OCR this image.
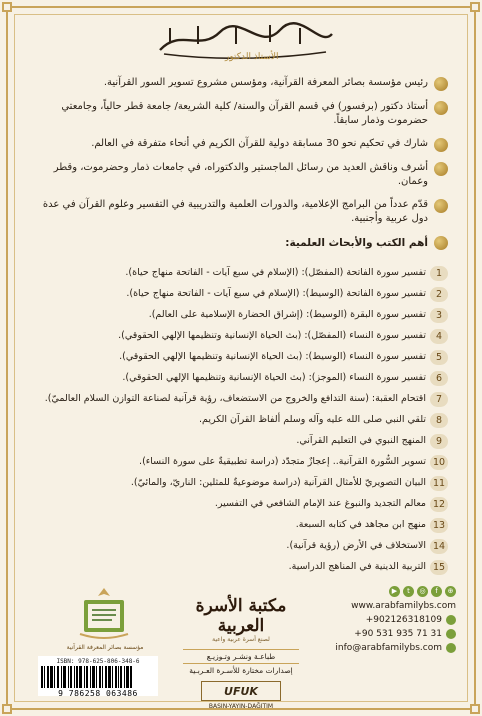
الأستاذ الدكتور
رئيس مؤسسة بصائر المعرفة القرآنية، ومؤسس مشروع تسوير السور القرآنية.
أستاذ دكتور (برفسور) في قسم القرآن والسنة/ كلية الشريعة/ جامعة قطر حالياً، وجامعتي حضرموت وذمار سابقاً.
شارك في تحكيم نحو 30 مسابقة دولية للقرآن الكريم في أنحاء متفرقة في العالم.
أشرف وناقش العديد من رسائل الماجستير والدكتوراه، في جامعات ذمار وحضرموت، وقطر وعمان.
قدّم عدداً من البرامج الإعلامية، والدورات العلمية والتدريبية في التفسير وعلوم القرآن في عدة دول عربية وأجنبية.
أهم الكتب والأبحاث العلمية:
1
تفسير سورة الفاتحة (المفصّل): (الإسلام في سبع آيات - الفاتحة منهاج حياة).
2
تفسير سورة الفاتحة (الوسيط): (الإسلام في سبع آيات - الفاتحة منهاج حياة).
3
تفسير سورة البقرة (الوسيط): (إشراق الحضارة الإسلامية على العالم).
4
تفسير سورة النساء (المفصّل): (بث الحياة الإنسانية وتنظيمها الإلهي الحقوقي).
5
تفسير سورة النساء (الوسيط): (بث الحياة الإنسانية وتنظيمها الإلهي الحقوقي).
6
تفسير سورة النساء (الموجز): (بث الحياة الإنسانية وتنظيمها الإلهي الحقوقي).
7
اقتحام العقبة: (سنة التدافع والخروج من الاستضعاف، رؤية قرآنية لصناعة التوازن السلام العالميّ).
8
تلقي النبي صلى الله عليه وآله وسلم ألفاظ القرآن الكريم.
9
المنهج النبوي في التعليم القرآني.
10
تسوير السُّورة القرآنية.. إعجازٌ متجدّد (دراسة تطبيقيةٌ على سورة النساء).
11
البيان التصويريّ للأمثال القرآنية (دراسة موضوعيةٌ للمثلين: الناريّ، والمائيّ).
12
معالم التجديد والنبوغ عند الإمام الشافعي في التفسير.
13
منهج ابن مجاهد في كتابه السبعة.
14
الاستخلاف في الأرض (رؤية قرآنية).
15
التربية الدينية في المناهج الدراسية.
مؤسسة بصائر المعرفة القرآنية
ISBN: 978-625-806-348-6
9 786258 063486
مكتبة الأسرة العربية
لصنع أسرة عربية واعية
طباعـة ونشـر وتـوزيـع
إصدارات مختارة للأسـرة العـربـية
UFUK
BASIN-YAYIN-DAĞITIM
▶	t	◎	f	⊕
www.arabfamilybs.com
+902126318109
+90 531 935 71 31
info@arabfamilybs.com
